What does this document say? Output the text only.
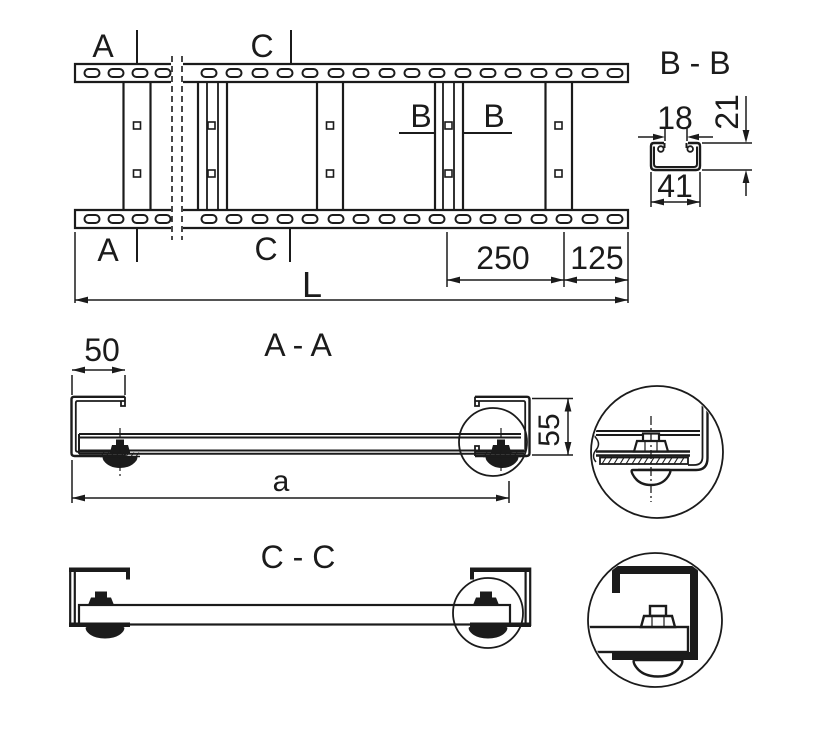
A
A
C
C
B B
250 125
L
B - B
18
41
21
A - A
50
55
a
C - C
